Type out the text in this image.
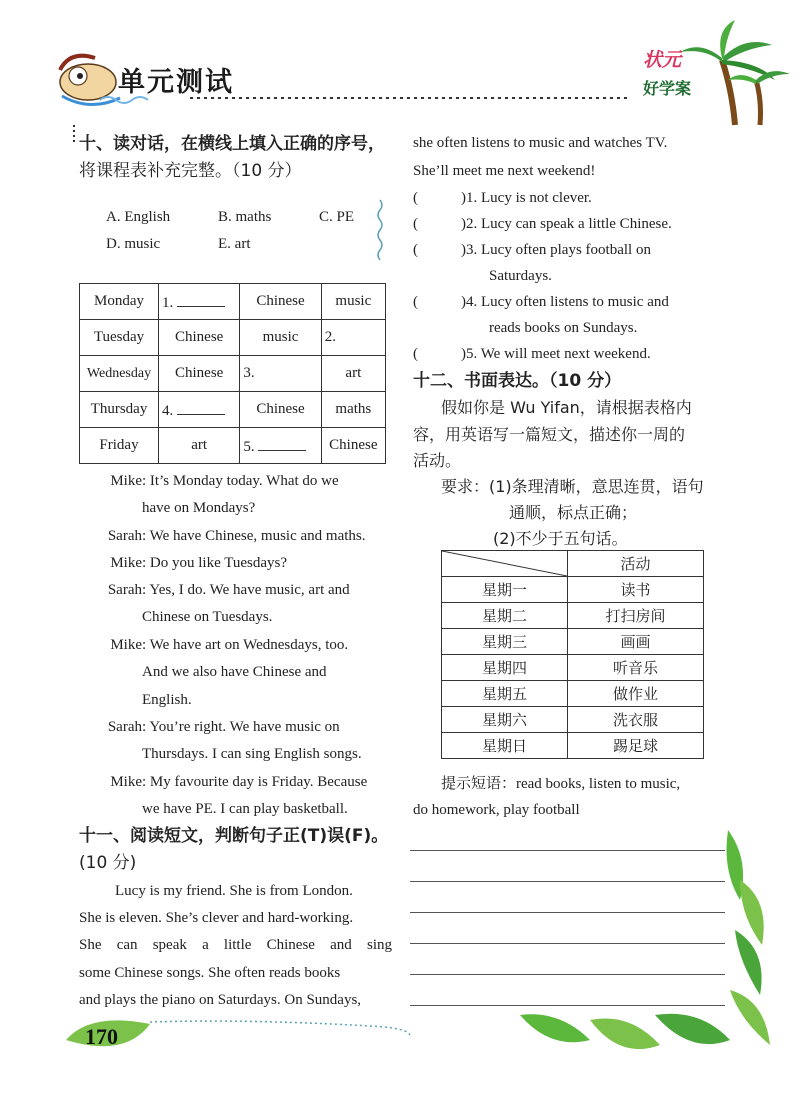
单元测试
状元
好学案
十、读对话，在横线上填入正确的序号，
将课程表补充完整。（10 分）
A. English	B. maths	C. PE
D. music	E. art
Monday	1.	Chinese	music
Tuesday	Chinese	music	2.
Wednesday	Chinese	3.	art
Thursday	4.	Chinese	maths
Friday	art	5.	Chinese
Mike: It’s Monday today. What do we
have on Mondays?
Sarah: We have Chinese, music and maths.
Mike: Do you like Tuesdays?
Sarah: Yes, I do. We have music, art and
Chinese on Tuesdays.
Mike: We have art on Wednesdays, too.
And we also have Chinese and
English.
Sarah: You’re right. We have music on
Thursdays. I can sing English songs.
Mike: My favourite day is Friday. Because
we have PE. I can play basketball.
十一、阅读短文，判断句子正(T)误(F)。
(10 分)
Lucy is my friend. She is from London.
She is eleven. She’s clever and hard-working.
She can speak a little Chinese and sing
some Chinese songs. She often reads books
and plays the piano on Saturdays. On Sundays,
she often listens to music and watches TV.
She’ll meet me next weekend!
(	)1. Lucy is not clever.
(	)2. Lucy can speak a little Chinese.
(	)3. Lucy often plays football on
Saturdays.
(	)4. Lucy often listens to music and
reads books on Sundays.
(	)5. We will meet next weekend.
十二、书面表达。（10 分）
假如你是 Wu Yifan，请根据表格内
容，用英语写一篇短文，描述你一周的
活动。
要求：(1)条理清晰，意思连贯，语句
通顺，标点正确；
(2)不少于五句话。
	活动
星期一	读书
星期二	打扫房间
星期三	画画
星期四	听音乐
星期五	做作业
星期六	洗衣服
星期日	踢足球
提示短语：read books, listen to music,
do homework, play football
170
